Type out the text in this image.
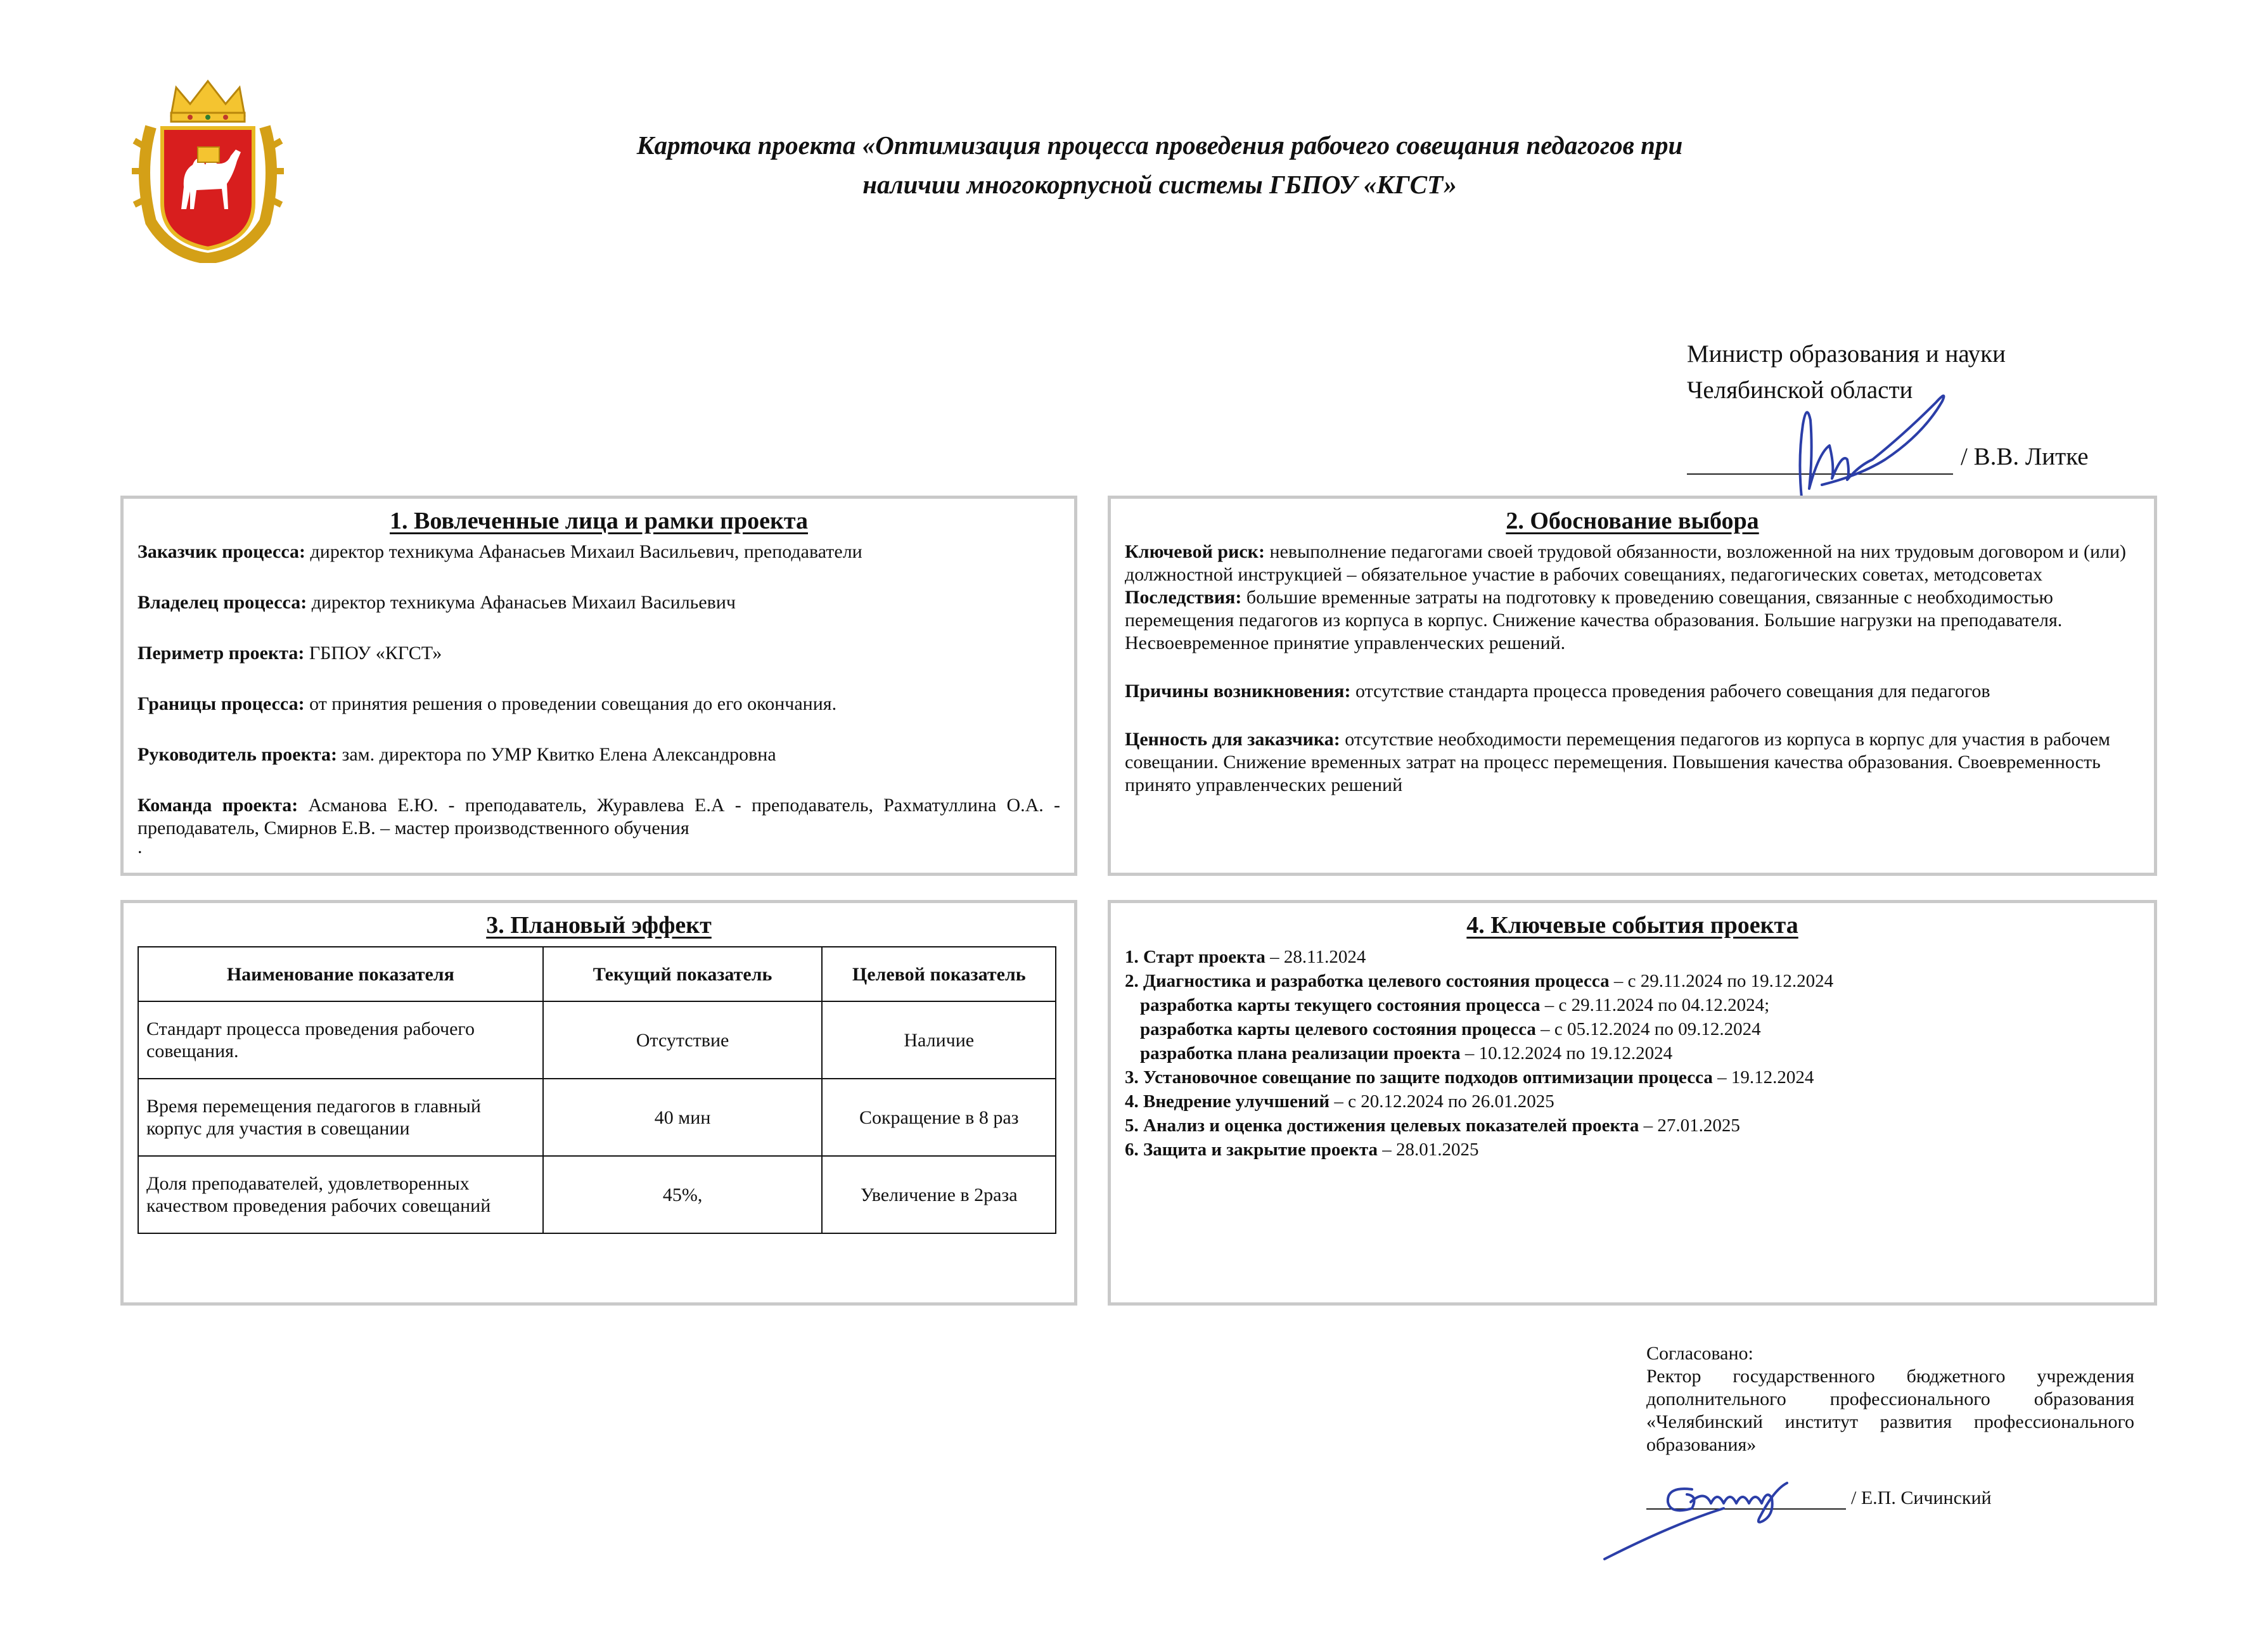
Карточка проекта «Оптимизация процесса проведения рабочего совещания педагогов при
наличии многокорпусной системы ГБПОУ «КГСТ»
Министр образования и науки
Челябинской области
/ В.В. Литке
1. Вовлеченные лица и рамки проекта
Заказчик процесса: директор техникума Афанасьев Михаил Васильевич, преподаватели
Владелец процесса: директор техникума Афанасьев Михаил Васильевич
Периметр проекта: ГБПОУ «КГСТ»
Границы процесса: от принятия решения о проведении совещания до его окончания.
Руководитель проекта: зам. директора по УМР Квитко Елена Александровна
Команда проекта: Асманова Е.Ю. - преподаватель, Журавлева Е.А - преподаватель, Рахматуллина О.А. - преподаватель, Смирнов Е.В. – мастер производственного обучения
.
2. Обоснование выбора
Ключевой риск: невыполнение педагогами своей трудовой обязанности, возложенной на них трудовым договором и (или) должностной инструкцией – обязательное участие в рабочих совещаниях, педагогических советах, методсоветах
Последствия: большие временные затраты на подготовку к проведению совещания, связанные с необходимостью перемещения педагогов из корпуса в корпус. Снижение качества образования. Большие нагрузки на преподавателя. Несвоевременное принятие управленческих решений.
Причины возникновения: отсутствие стандарта процесса проведения рабочего совещания для педагогов
Ценность для заказчика: отсутствие необходимости перемещения педагогов из корпуса в корпус для участия в рабочем совещании. Снижение временных затрат на процесс перемещения. Повышения качества образования. Своевременность принято управленческих решений
3. Плановый эффект
Наименование показателя	Текущий показатель	Целевой показатель
Стандарт процесса проведения рабочего совещания.	Отсутствие	Наличие
Время перемещения педагогов в главный корпус для участия в совещании	40 мин	Сокращение в 8 раз
Доля преподавателей, удовлетворенных качеством проведения рабочих совещаний	45%,	Увеличение в 2раза
4. Ключевые события проекта
1. Старт проекта – 28.11.2024
2. Диагностика и разработка целевого состояния процесса – с 29.11.2024 по 19.12.2024
разработка карты текущего состояния процесса – с 29.11.2024 по 04.12.2024;
разработка карты целевого состояния процесса – с 05.12.2024 по 09.12.2024
разработка плана реализации проекта – 10.12.2024 по 19.12.2024
3. Установочное совещание по защите подходов оптимизации процесса – 19.12.2024
4. Внедрение улучшений – с 20.12.2024 по 26.01.2025
5. Анализ и оценка достижения целевых показателей проекта – 27.01.2025
6. Защита и закрытие проекта – 28.01.2025
Согласовано:
Ректор государственного бюджетного учреждения дополнительного профессионального образования «Челябинский институт развития профессионального образования»
/ Е.П. Сичинский
